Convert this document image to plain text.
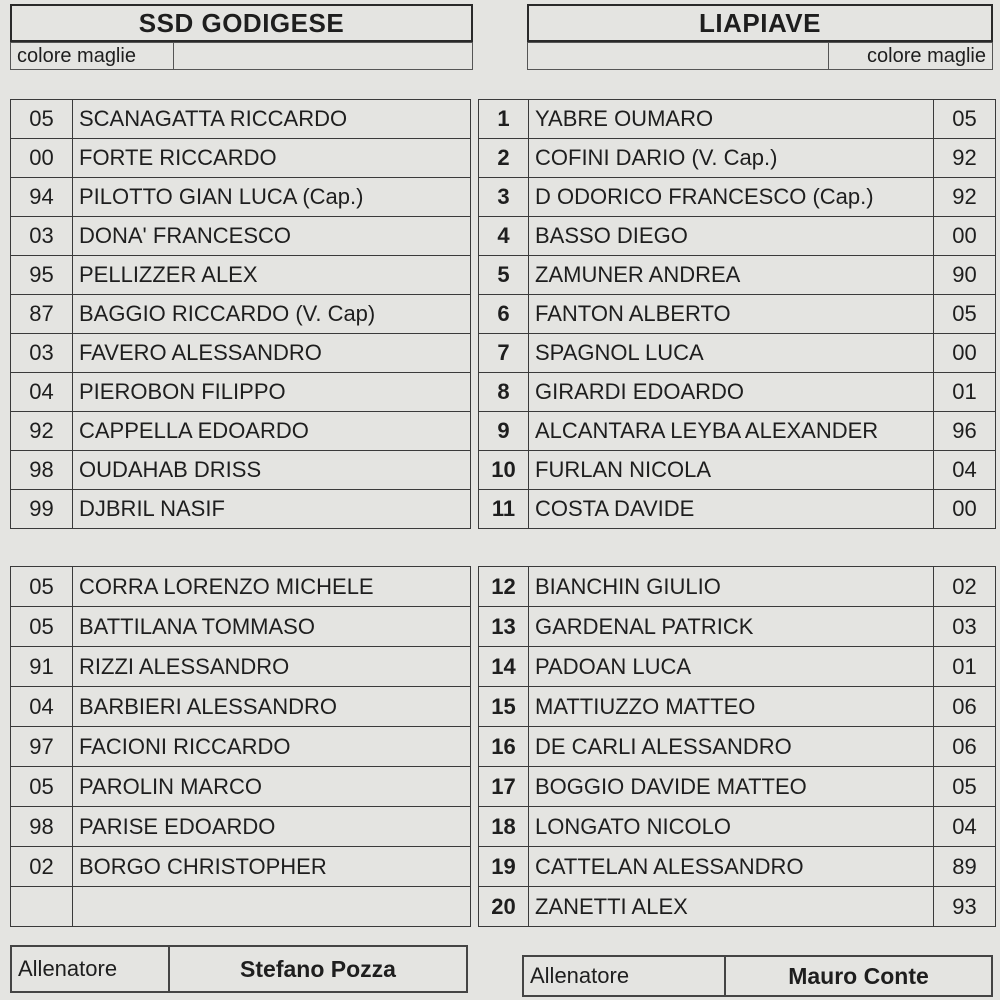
SSD GODIGESE	LIAPIAVE
colore maglie	colore maglie
05	SCANAGATTA RICCARDO		1	YABRE OUMARO	05
00	FORTE RICCARDO		2	COFINI DARIO (V. Cap.)	92
94	PILOTTO GIAN LUCA (Cap.)		3	D ODORICO FRANCESCO (Cap.)	92
03	DONA' FRANCESCO		4	BASSO DIEGO	00
95	PELLIZZER ALEX		5	ZAMUNER ANDREA	90
87	BAGGIO RICCARDO (V. Cap)		6	FANTON ALBERTO	05
03	FAVERO ALESSANDRO		7	SPAGNOL LUCA	00
04	PIEROBON FILIPPO		8	GIRARDI EDOARDO	01
92	CAPPELLA EDOARDO		9	ALCANTARA LEYBA ALEXANDER	96
98	OUDAHAB DRISS		10	FURLAN NICOLA	04
99	DJBRIL NASIF		11	COSTA DAVIDE	00
05	CORRA LORENZO MICHELE		12	BIANCHIN GIULIO	02
05	BATTILANA TOMMASO		13	GARDENAL PATRICK	03
91	RIZZI ALESSANDRO		14	PADOAN LUCA	01
04	BARBIERI ALESSANDRO		15	MATTIUZZO MATTEO	06
97	FACIONI RICCARDO		16	DE CARLI ALESSANDRO	06
05	PAROLIN MARCO		17	BOGGIO DAVIDE MATTEO	05
98	PARISE EDOARDO		18	LONGATO NICOLO	04
02	BORGO CHRISTOPHER		19	CATTELAN ALESSANDRO	89
			20	ZANETTI ALEX	93
Allenatore	Stefano Pozza	Allenatore	Mauro Conte
